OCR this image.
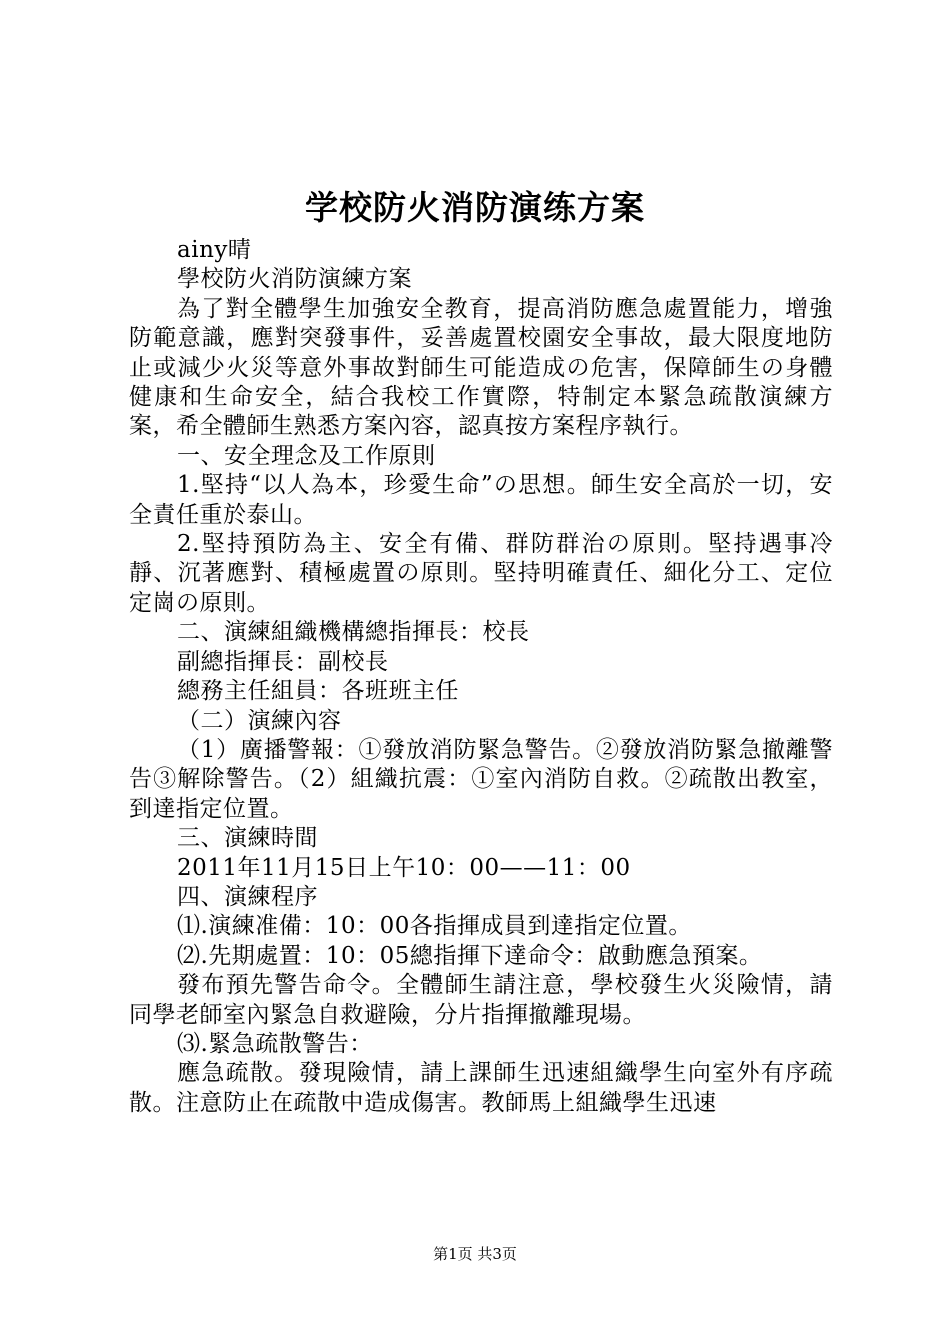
学校防火消防演练方案

ainy晴

學校防火消防演練方案

為了對全體學生加強安全教育，提高消防應急處置能力，增強防範意識，應對突發事件，妥善處置校園安全事故，最大限度地防止或減少火災等意外事故對師生可能造成の危害，保障師生の身體健康和生命安全，結合我校工作實際，特制定本緊急疏散演練方案，希全體師生熟悉方案內容，認真按方案程序執行。

一、安全理念及工作原則

1.堅持“以人為本，珍愛生命”の思想。師生安全高於一切，安全責任重於泰山。

2.堅持預防為主、安全有備、群防群治の原則。堅持遇事冷靜、沉著應對、積極處置の原則。堅持明確責任、細化分工、定位定崗の原則。

二、演練組織機構總指揮長：校長

副總指揮長：副校長

總務主任組員：各班班主任

（二）演練內容

（1）廣播警報：①發放消防緊急警告。②發放消防緊急撤離警告③解除警告。（2）組織抗震：①室內消防自救。②疏散出教室，到達指定位置。

三、演練時間

2011年11月15日上午10：00——11：00

四、演練程序

⑴.演練准備：10：00各指揮成員到達指定位置。

⑵.先期處置：10：05總指揮下達命令：啟動應急預案。

發布預先警告命令。全體師生請注意，學校發生火災險情，請同學老師室內緊急自救避險，分片指揮撤離現場。

⑶.緊急疏散警告：

應急疏散。發現險情，請上課師生迅速組織學生向室外有序疏散。注意防止在疏散中造成傷害。教師馬上組織學生迅速

第1页 共3页
